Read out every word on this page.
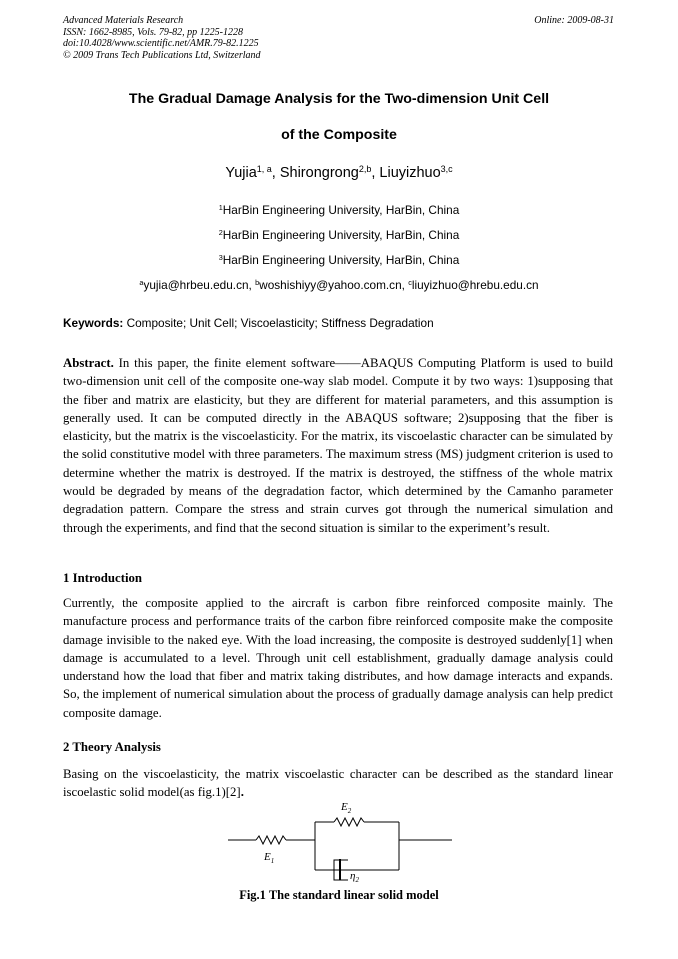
Advanced Materials Research
ISSN: 1662-8985, Vols. 79-82, pp 1225-1228
doi:10.4028/www.scientific.net/AMR.79-82.1225
© 2009 Trans Tech Publications Ltd, Switzerland
Online: 2009-08-31
The Gradual Damage Analysis for the Two-dimension Unit Cell
of the Composite
Yujia$^{1, a}$, Shirongrong$^{2,b}$, Liuyizhuo$^{3,c}$
$^1$HarBin Engineering University, HarBin, China
$^2$HarBin Engineering University, HarBin, China
$^3$HarBin Engineering University, HarBin, China
$^a$yujia@hrbeu.edu.cn, $^b$woshishiyy@yahoo.com.cn, $^c$liuyizhuo@hrebu.edu.cn
Keywords: Composite; Unit Cell; Viscoelasticity; Stiffness Degradation
Abstract. In this paper, the finite element software——ABAQUS Computing Platform is used to build two-dimension unit cell of the composite one-way slab model. Compute it by two ways: 1)supposing that the fiber and matrix are elasticity, but they are different for material parameters, and this assumption is generally used. It can be computed directly in the ABAQUS software; 2)supposing that the fiber is elasticity, but the matrix is the viscoelasticity. For the matrix, its viscoelastic character can be simulated by the solid constitutive model with three parameters. The maximum stress (MS) judgment criterion is used to determine whether the matrix is destroyed. If the matrix is destroyed, the stiffness of the whole matrix would be degraded by means of the degradation factor, which determined by the Camanho parameter degradation pattern. Compare the stress and strain curves got through the numerical simulation and through the experiments, and find that the second situation is similar to the experiment’s result.
1 Introduction
Currently, the composite applied to the aircraft is carbon fibre reinforced composite mainly. The manufacture process and performance traits of the carbon fibre reinforced composite make the composite damage invisible to the naked eye. With the load increasing, the composite is destroyed suddenly[1] when damage is accumulated to a level. Through unit cell establishment, gradually damage analysis could understand how the load that fiber and matrix taking distributes, and how damage interacts and expands. So, the implement of numerical simulation about the process of gradually damage analysis can help predict composite damage.
2 Theory Analysis
Basing on the viscoelasticity, the matrix viscoelastic character can be described as the standard linear iscoelastic solid model(as fig.1)[2].
$E_1$
$E_2$
$\eta_2$
Fig.1 The standard linear solid model
